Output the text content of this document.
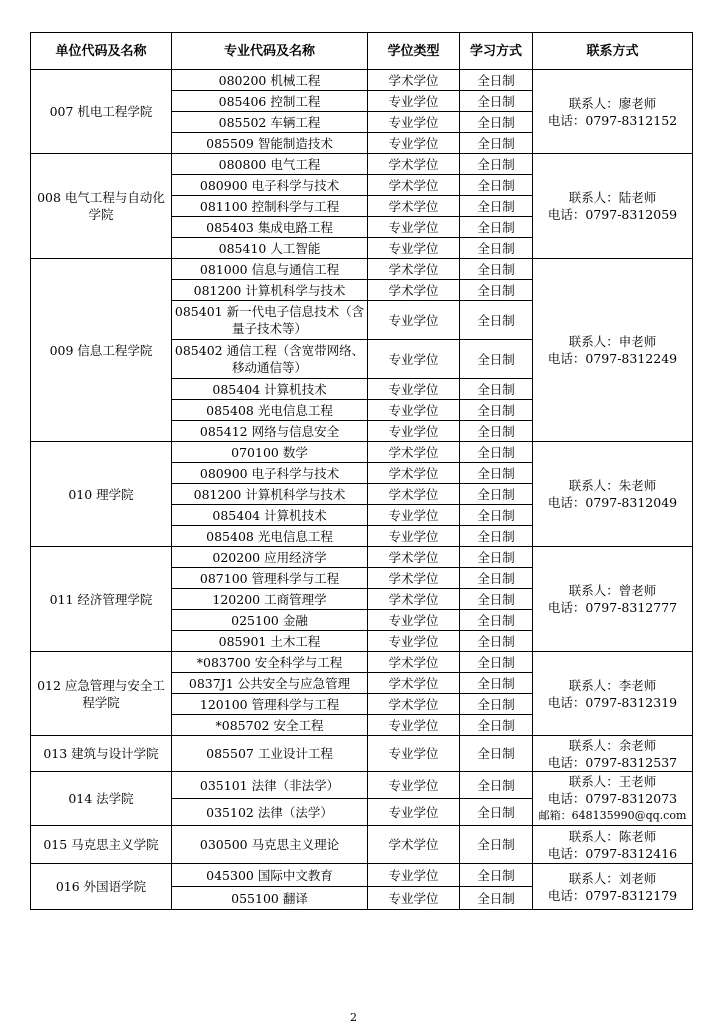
单位代码及名称	专业代码及名称	学位类型	学习方式	联系方式
007 机电工程学院	080200 机械工程	学术学位	全日制	联系人：廖老师
电话：0797-8312152

	085406 控制工程	专业学位	全日制	
	085502 车辆工程	专业学位	全日制	
	085509 智能制造技术	专业学位	全日制	
008 电气工程与自动化学院	080800 电气工程	学术学位	全日制	联系人：陆老师
电话：0797-8312059

	080900 电子科学与技术	学术学位	全日制	
	081100 控制科学与工程	学术学位	全日制	
	085403 集成电路工程	专业学位	全日制	
	085410 人工智能	专业学位	全日制	
009 信息工程学院	081000 信息与通信工程	学术学位	全日制	联系人：申老师
电话：0797-8312249

	081200 计算机科学与技术	学术学位	全日制	
	085401 新一代电子信息技术（含量子技术等）	专业学位	全日制	
	085402 通信工程（含宽带网络、移动通信等）	专业学位	全日制	
	085404 计算机技术	专业学位	全日制	
	085408 光电信息工程	专业学位	全日制	
	085412 网络与信息安全	专业学位	全日制	
010 理学院	070100 数学	学术学位	全日制	联系人：朱老师
电话：0797-8312049

	080900 电子科学与技术	学术学位	全日制	
	081200 计算机科学与技术	学术学位	全日制	
	085404 计算机技术	专业学位	全日制	
	085408 光电信息工程	专业学位	全日制	
011 经济管理学院	020200 应用经济学	学术学位	全日制	联系人：曾老师
电话：0797-8312777

	087100 管理科学与工程	学术学位	全日制	
	120200 工商管理学	学术学位	全日制	
	025100 金融	专业学位	全日制	
	085901 土木工程	专业学位	全日制	
012 应急管理与安全工程学院	*083700 安全科学与工程	学术学位	全日制	联系人：李老师
电话：0797-8312319

	0837J1 公共安全与应急管理	学术学位	全日制	
	120100 管理科学与工程	学术学位	全日制	
	*085702 安全工程	专业学位	全日制	
013 建筑与设计学院	085507 工业设计工程	专业学位	全日制	联系人：余老师
电话：0797-8312537

014 法学院	035101 法律（非法学）	专业学位	全日制	联系人：王老师
电话：0797-8312073
邮箱：648135990@qq.com

	035102 法律（法学）	专业学位	全日制	
015 马克思主义学院	030500 马克思主义理论	学术学位	全日制	联系人：陈老师
电话：0797-8312416

016 外国语学院	045300 国际中文教育	专业学位	全日制	联系人：刘老师
电话：0797-8312179

	055100 翻译	专业学位	全日制	
2
